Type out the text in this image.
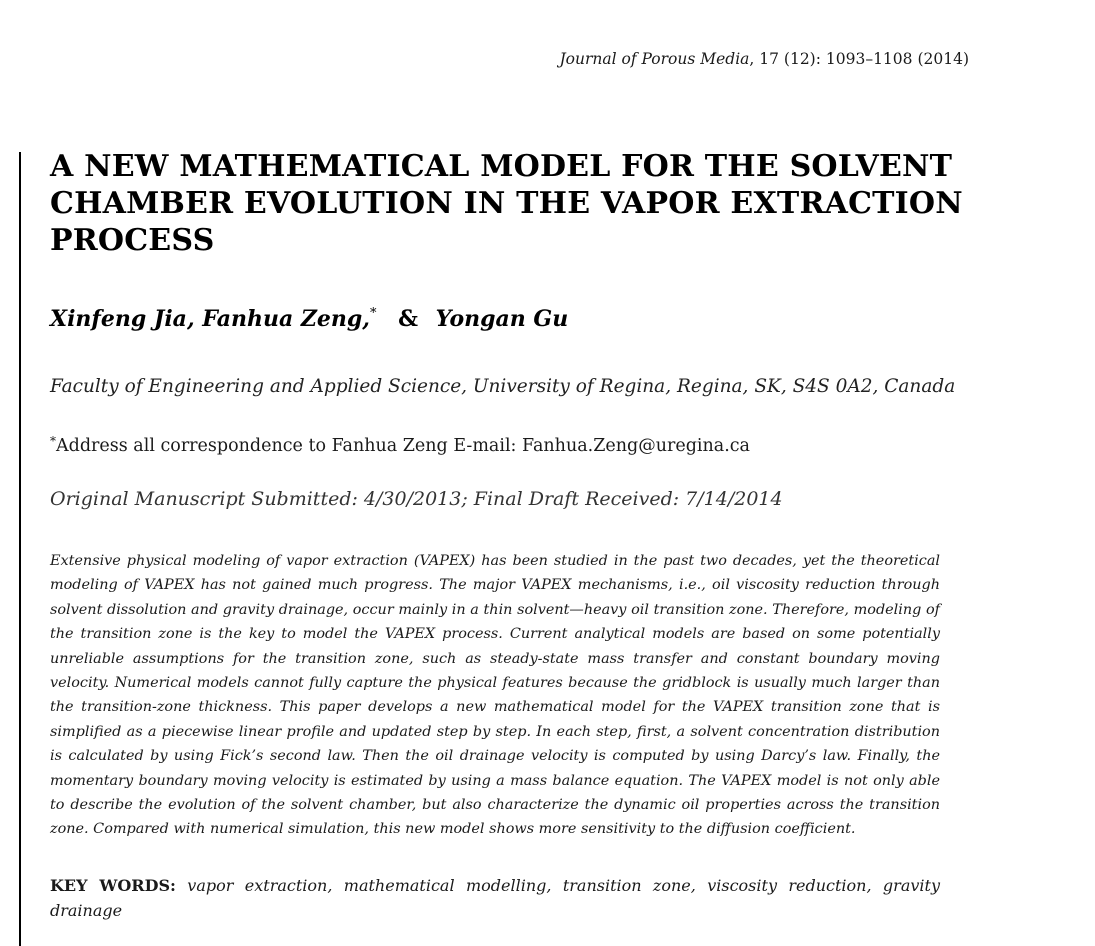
Journal of Porous Media, 17 (12): 1093–1108 (2014)
A NEW MATHEMATICAL MODEL FOR THE SOLVENT CHAMBER EVOLUTION IN THE VAPOR EXTRACTION PROCESS
Xinfeng Jia, Fanhua Zeng,* & Yongan Gu
Faculty of Engineering and Applied Science, University of Regina, Regina, SK, S4S 0A2, Canada
*Address all correspondence to Fanhua Zeng E-mail: Fanhua.Zeng@uregina.ca
Original Manuscript Submitted: 4/30/2013; Final Draft Received: 7/14/2014

Extensive physical modeling of vapor extraction (VAPEX) has been studied in the past two decades, yet the theoretical modeling of VAPEX has not gained much progress. The major VAPEX mechanisms, i.e., oil viscosity reduction through solvent dissolution and gravity drainage, occur mainly in a thin solvent—heavy oil transition zone. Therefore, modeling of the transition zone is the key to model the VAPEX process. Current analytical models are based on some potentially unreliable assumptions for the transition zone, such as steady-state mass transfer and constant boundary moving velocity. Numerical models cannot fully capture the physical features because the gridblock is usually much larger than the transition-zone thickness. This paper develops a new mathematical model for the VAPEX transition zone that is simplified as a piecewise linear profile and updated step by step. In each step, first, a solvent concentration distribution is calculated by using Fick’s second law. Then the oil drainage velocity is computed by using Darcy’s law. Finally, the momentary boundary moving velocity is estimated by using a mass balance equation. The VAPEX model is not only able to describe the evolution of the solvent chamber, but also characterize the dynamic oil properties across the transition zone. Compared with numerical simulation, this new model shows more sensitivity to the diffusion coefficient.

KEY WORDS: vapor extraction, mathematical modelling, transition zone, viscosity reduction, gravity drainage
